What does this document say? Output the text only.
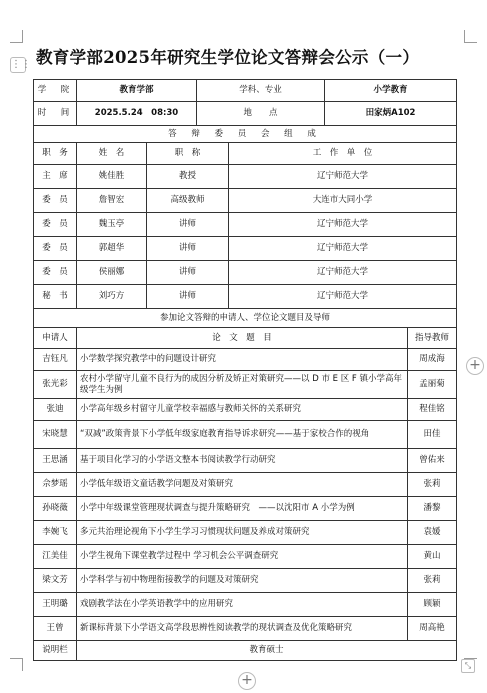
⋮⋮
+
+
⤡
教育学部2025年研究生学位论文答辩会公示（一）
学　院	教育学部		学科、专业		小学教育	
时　间	2025.5.24　08:30		地　　点		田家炳A102	
答 辩 委 员 会 组 成						
职　务	姓　名	职　称		工　作　单　位		
主　席	姚佳胜	教授		辽宁师范大学		
委　员	詹智宏	高级教师		大连市大同小学		
委　员	魏玉亭	讲师		辽宁师范大学		
委　员	郭超华	讲师		辽宁师范大学		
委　员	侯丽娜	讲师		辽宁师范大学		
秘　书	刘巧方	讲师		辽宁师范大学		
参加论文答辩的申请人、学位论文题目及导师						
申请人	论　文　题　目					指导教师
吉钰凡	小学数学探究教学中的问题设计研究					周成海
张光彩	农村小学留守儿童不良行为的成因分析及矫正对策研究——以 D 市 E 区 F 镇小学高年级学生为例					孟丽菊
张迪	小学高年级乡村留守儿童学校幸福感与教师关怀的关系研究					程佳铭
宋晓慧	“双减”政策背景下小学低年级家庭教育指导诉求研究——基于家校合作的视角					田佳
王思涵	基于项目化学习的小学语文整本书阅读教学行动研究					曾佑来
佘梦瑶	小学低年级语文童话教学问题及对策研究					张莉
孙晓薇	小学中年级课堂管理现状调查与提升策略研究　——以沈阳市 A 小学为例					潘黎
李婉飞	多元共治理论视角下小学生学习习惯现状问题及养成对策研究					袁媛
江美佳	小学生视角下课堂教学过程中 学习机会公平调查研究					黄山
梁文芳	小学科学与初中物理衔接教学的问题及对策研究					张莉
王明璐	戏剧教学法在小学英语教学中的应用研究					顾颖
王曾	新课标背景下小学语文高学段思辨性阅读教学的现状调查及优化策略研究					周高艳
说明栏	教育硕士					
